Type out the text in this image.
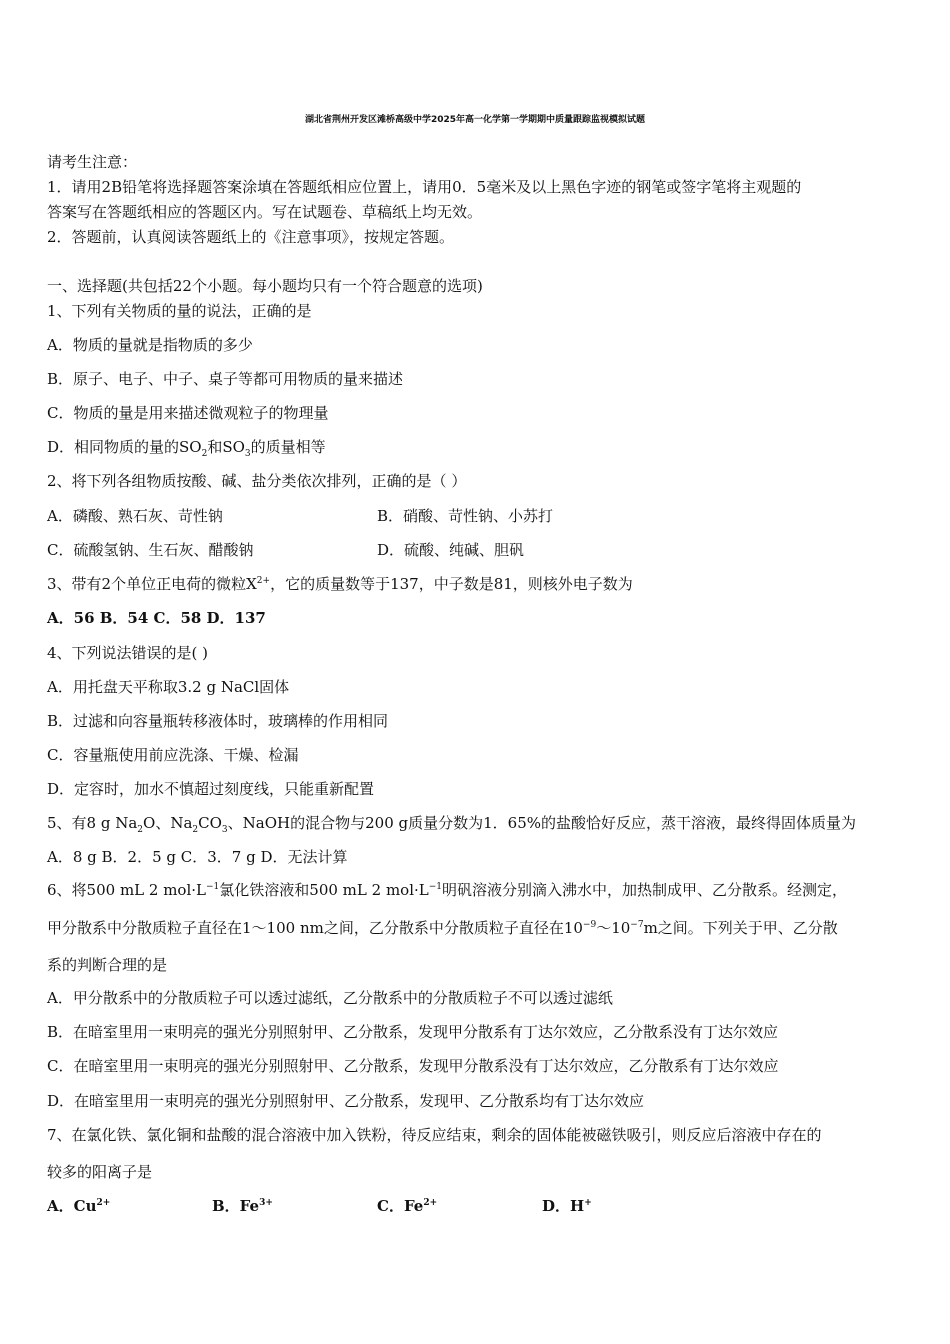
湖北省荆州开发区滩桥高级中学2025年高一化学第一学期期中质量跟踪监视模拟试题
请考生注意：
1．请用2B铅笔将选择题答案涂填在答题纸相应位置上，请用0．5毫米及以上黑色字迹的钢笔或签字笔将主观题的
答案写在答题纸相应的答题区内。写在试题卷、草稿纸上均无效。
2．答题前，认真阅读答题纸上的《注意事项》，按规定答题。
一、选择题(共包括22个小题。每小题均只有一个符合题意的选项)
1、下列有关物质的量的说法，正确的是
A．物质的量就是指物质的多少
B．原子、电子、中子、桌子等都可用物质的量来描述
C．物质的量是用来描述微观粒子的物理量
D．相同物质的量的$SO_2$和$SO_3$的质量相等
2、将下列各组物质按酸、碱、盐分类依次排列，正确的是（ ）
A．磷酸、熟石灰、苛性钠	B．硝酸、苛性钠、小苏打
C．硫酸氢钠、生石灰、醋酸钠	D．硫酸、纯碱、胆矾
3、带有2个单位正电荷的微粒$X^{2+}$，它的质量数等于137，中子数是81，则核外电子数为
A．56 B．54 C．58 D．137
4、下列说法错误的是( )
A．用托盘天平称取3.2 g NaCl固体
B．过滤和向容量瓶转移液体时，玻璃棒的作用相同
C．容量瓶使用前应洗涤、干燥、检漏
D．定容时，加水不慎超过刻度线，只能重新配置
5、有8 g $Na_2O$、$Na_2CO_3$、NaOH的混合物与200 g质量分数为1．65%的盐酸恰好反应，蒸干溶液，最终得固体质量为
A．8 g B．2．5 g C．3．7 g D．无法计算
6、将500 mL 2 $mol\cdot L^{-1}$氯化铁溶液和500 mL 2 $mol\cdot L^{-1}$明矾溶液分别滴入沸水中，加热制成甲、乙分散系。经测定，
甲分散系中分散质粒子直径在1～100 nm之间，乙分散系中分散质粒子直径在$10^{-9}\sim 10^{-7}m$之间。下列关于甲、乙分散
系的判断合理的是
A．甲分散系中的分散质粒子可以透过滤纸，乙分散系中的分散质粒子不可以透过滤纸
B．在暗室里用一束明亮的强光分别照射甲、乙分散系，发现甲分散系有丁达尔效应，乙分散系没有丁达尔效应
C．在暗室里用一束明亮的强光分别照射甲、乙分散系，发现甲分散系没有丁达尔效应，乙分散系有丁达尔效应
D．在暗室里用一束明亮的强光分别照射甲、乙分散系，发现甲、乙分散系均有丁达尔效应
7、在氯化铁、氯化铜和盐酸的混合溶液中加入铁粉，待反应结束，剩余的固体能被磁铁吸引，则反应后溶液中存在的
较多的阳离子是
A．$Cu^{2+}$	B．$Fe^{3+}$	C．$Fe^{2+}$	D．H+
